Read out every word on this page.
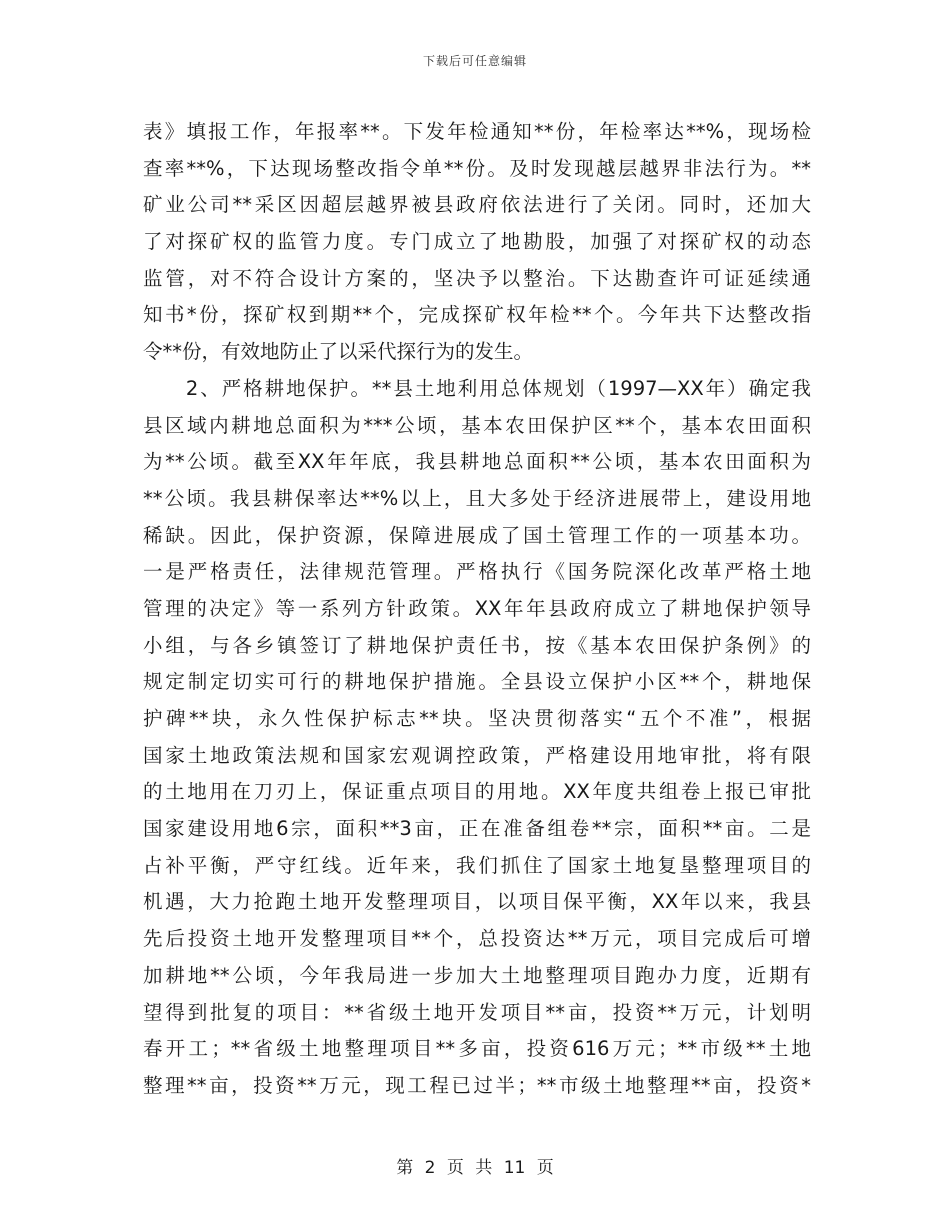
下载后可任意编辑
表》填报工作，年报率**。下发年检通知**份，年检率达**%，现场检
查率**%，下达现场整改指令单**份。及时发现越层越界非法行为。**
矿业公司**采区因超层越界被县政府依法进行了关闭。同时，还加大
了对探矿权的监管力度。专门成立了地勘股，加强了对探矿权的动态
监管，对不符合设计方案的，坚决予以整治。下达勘查许可证延续通
知书*份，探矿权到期**个，完成探矿权年检**个。今年共下达整改指
令**份，有效地防止了以采代探行为的发生。
　　2、严格耕地保护。**县土地利用总体规划（1997—XX年）确定我
县区域内耕地总面积为***公顷，基本农田保护区**个，基本农田面积
为**公顷。截至XX年年底，我县耕地总面积**公顷，基本农田面积为
**公顷。我县耕保率达**%以上，且大多处于经济进展带上，建设用地
稀缺。因此，保护资源，保障进展成了国土管理工作的一项基本功。
一是严格责任，法律规范管理。严格执行《国务院深化改革严格土地
管理的决定》等一系列方针政策。XX年年县政府成立了耕地保护领导
小组，与各乡镇签订了耕地保护责任书，按《基本农田保护条例》的
规定制定切实可行的耕地保护措施。全县设立保护小区**个，耕地保
护碑**块，永久性保护标志**块。坚决贯彻落实“五个不准”，根据
国家土地政策法规和国家宏观调控政策，严格建设用地审批，将有限
的土地用在刀刃上，保证重点项目的用地。XX年度共组卷上报已审批
国家建设用地6宗，面积**3亩，正在准备组卷**宗，面积**亩。二是
占补平衡，严守红线。近年来，我们抓住了国家土地复垦整理项目的
机遇，大力抢跑土地开发整理项目，以项目保平衡，XX年以来，我县
先后投资土地开发整理项目**个，总投资达**万元，项目完成后可增
加耕地**公顷，今年我局进一步加大土地整理项目跑办力度，近期有
望得到批复的项目：**省级土地开发项目**亩，投资**万元，计划明
春开工；**省级土地整理项目**多亩，投资616万元；**市级**土地
整理**亩，投资**万元，现工程已过半；**市级土地整理**亩，投资*
第 2 页 共 11 页
